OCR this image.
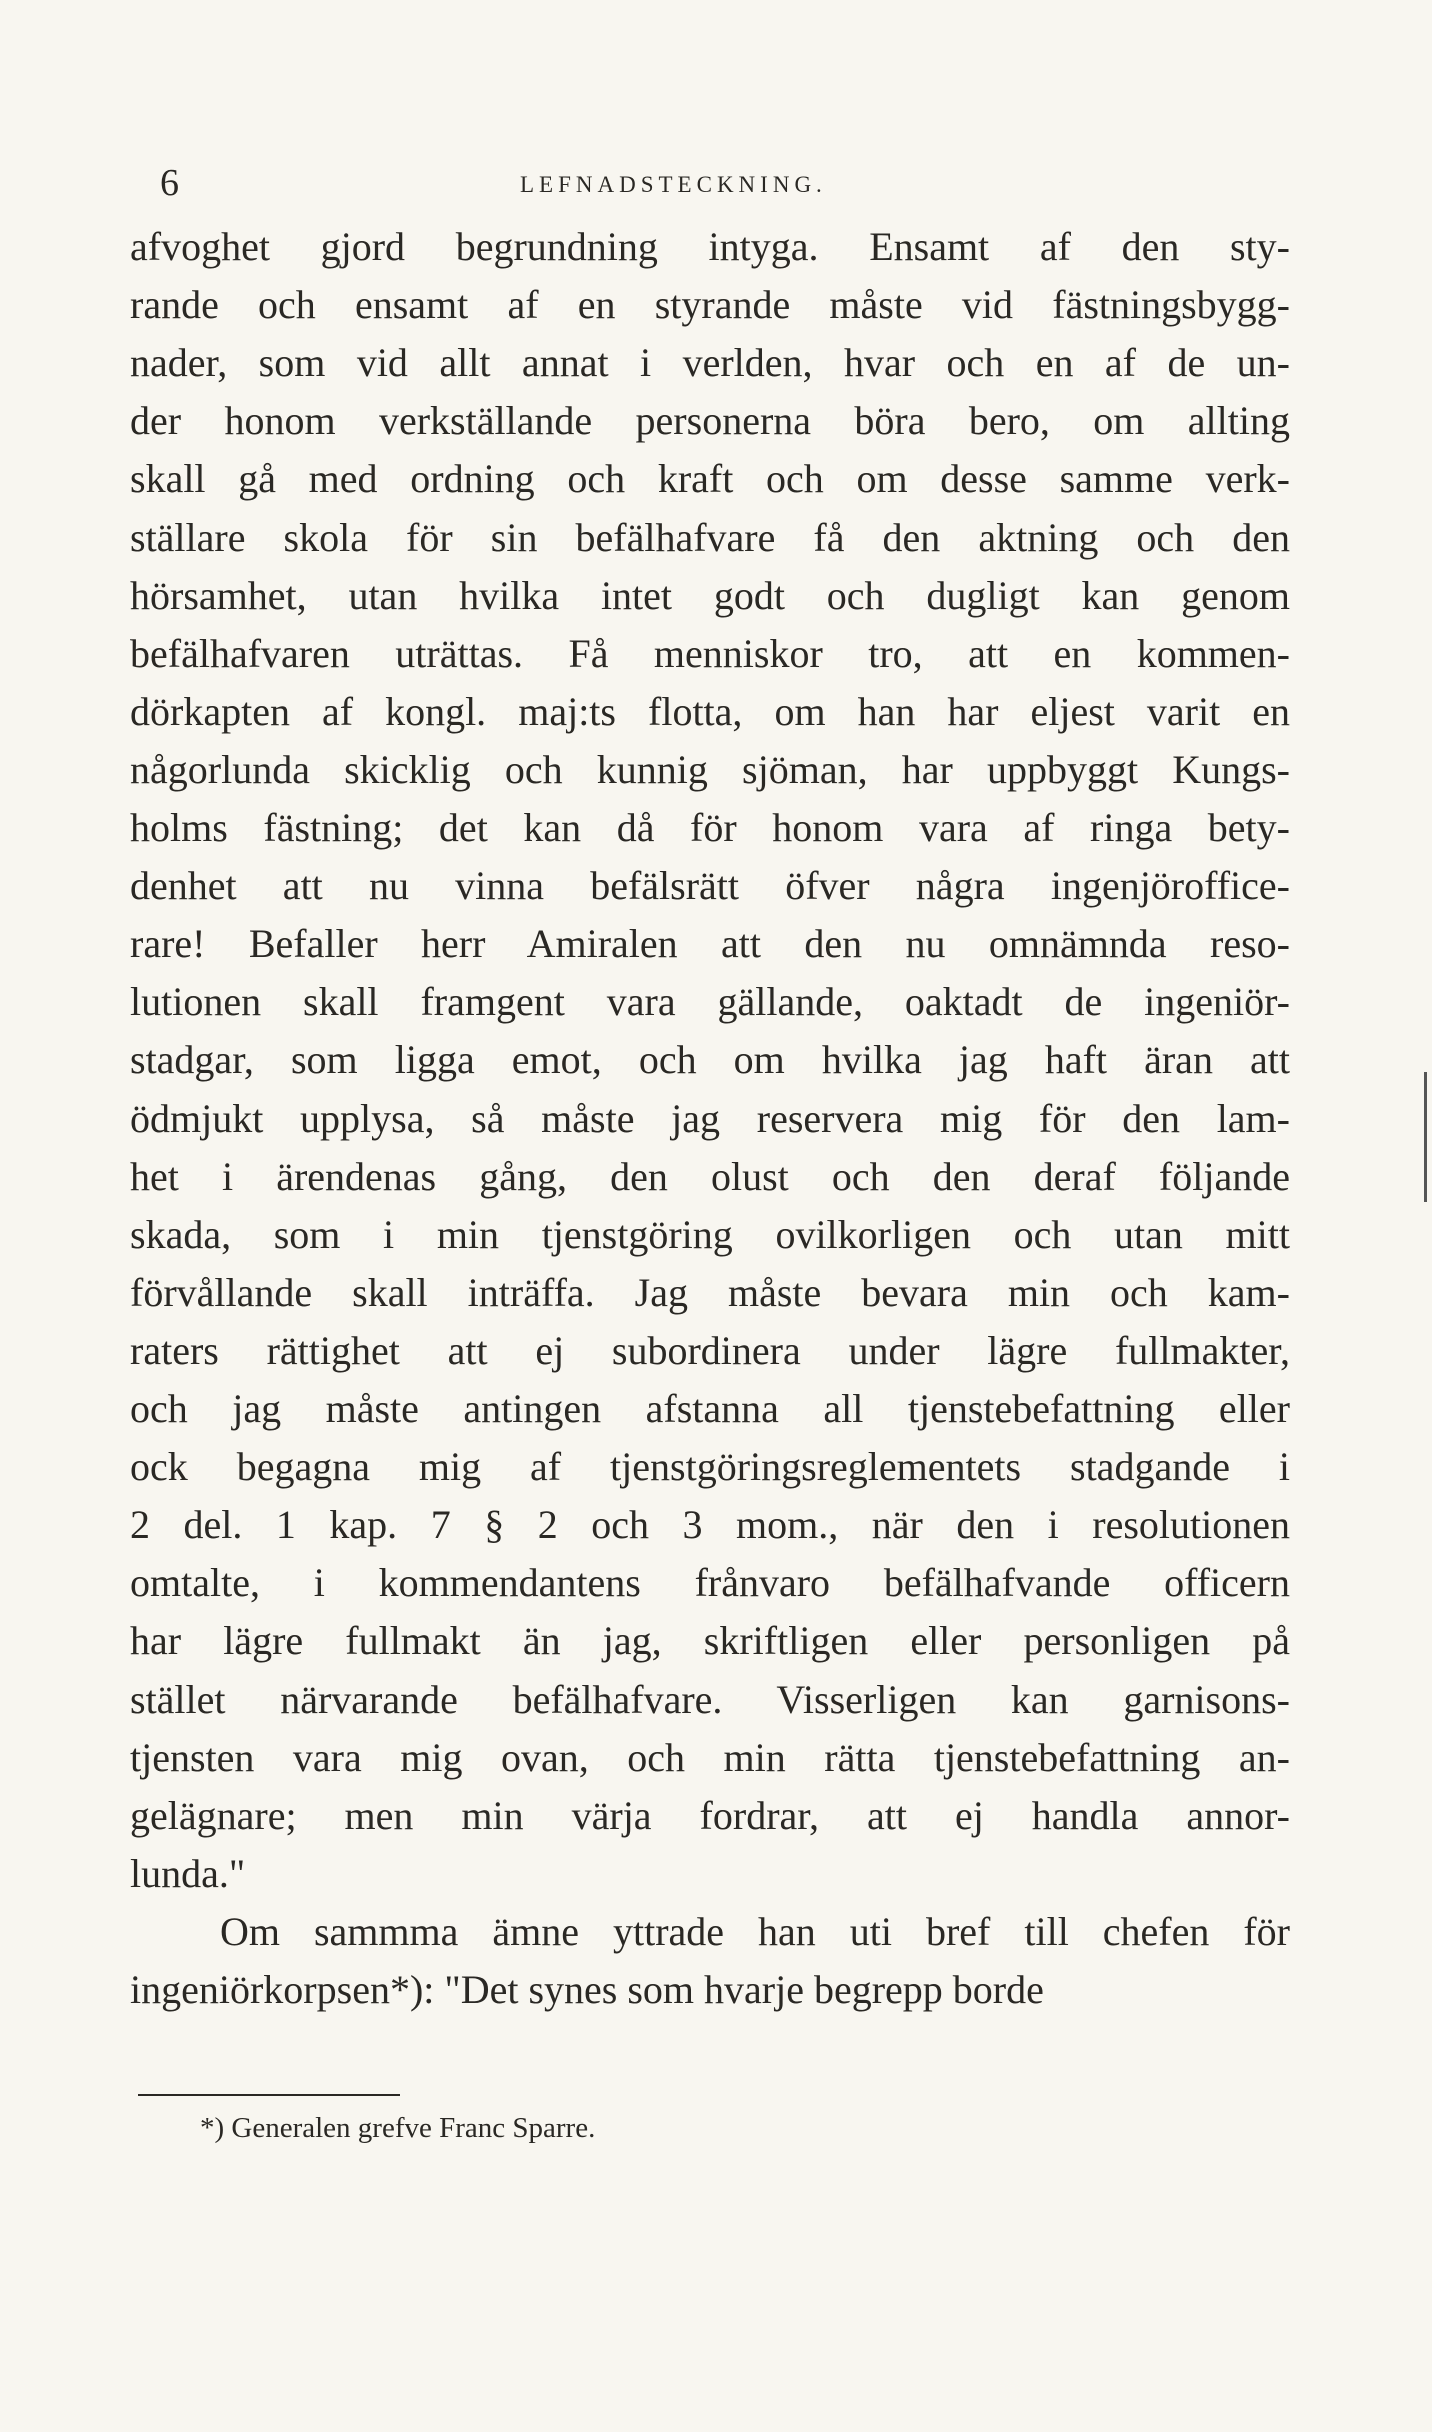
6	LEFNADSTECKNING.
afvoghet gjord begrundning intyga. Ensamt af den sty-
rande och ensamt af en styrande måste vid fästningsbygg-
nader, som vid allt annat i verlden, hvar och en af de un-
der honom verkställande personerna böra bero, om allting
skall gå med ordning och kraft och om desse samme verk-
ställare skola för sin befälhafvare få den aktning och den
hörsamhet, utan hvilka intet godt och dugligt kan genom
befälhafvaren uträttas. Få menniskor tro, att en kommen-
dörkapten af kongl. maj:ts flotta, om han har eljest varit en
någorlunda skicklig och kunnig sjöman, har uppbyggt Kungs-
holms fästning; det kan då för honom vara af ringa bety-
denhet att nu vinna befälsrätt öfver några ingenjöroffice-
rare! Befaller herr Amiralen att den nu omnämnda reso-
lutionen skall framgent vara gällande, oaktadt de ingeniör-
stadgar, som ligga emot, och om hvilka jag haft äran att
ödmjukt upplysa, så måste jag reservera mig för den lam-
het i ärendenas gång, den olust och den deraf följande
skada, som i min tjenstgöring ovilkorligen och utan mitt
förvållande skall inträffa. Jag måste bevara min och kam-
raters rättighet att ej subordinera under lägre fullmakter,
och jag måste antingen afstanna all tjenstebefattning eller
ock begagna mig af tjenstgöringsreglementets stadgande i
2 del. 1 kap. 7 § 2 och 3 mom., när den i resolutionen
omtalte, i kommendantens frånvaro befälhafvande officern
har lägre fullmakt än jag, skriftligen eller personligen på
stället närvarande befälhafvare. Visserligen kan garnisons-
tjensten vara mig ovan, och min rätta tjenstebefattning an-
gelägnare; men min värja fordrar, att ej handla annor-
lunda."
Om sammma ämne yttrade han uti bref till chefen för
ingeniörkorpsen*): "Det synes som hvarje begrepp borde
*) Generalen grefve Franc Sparre.
